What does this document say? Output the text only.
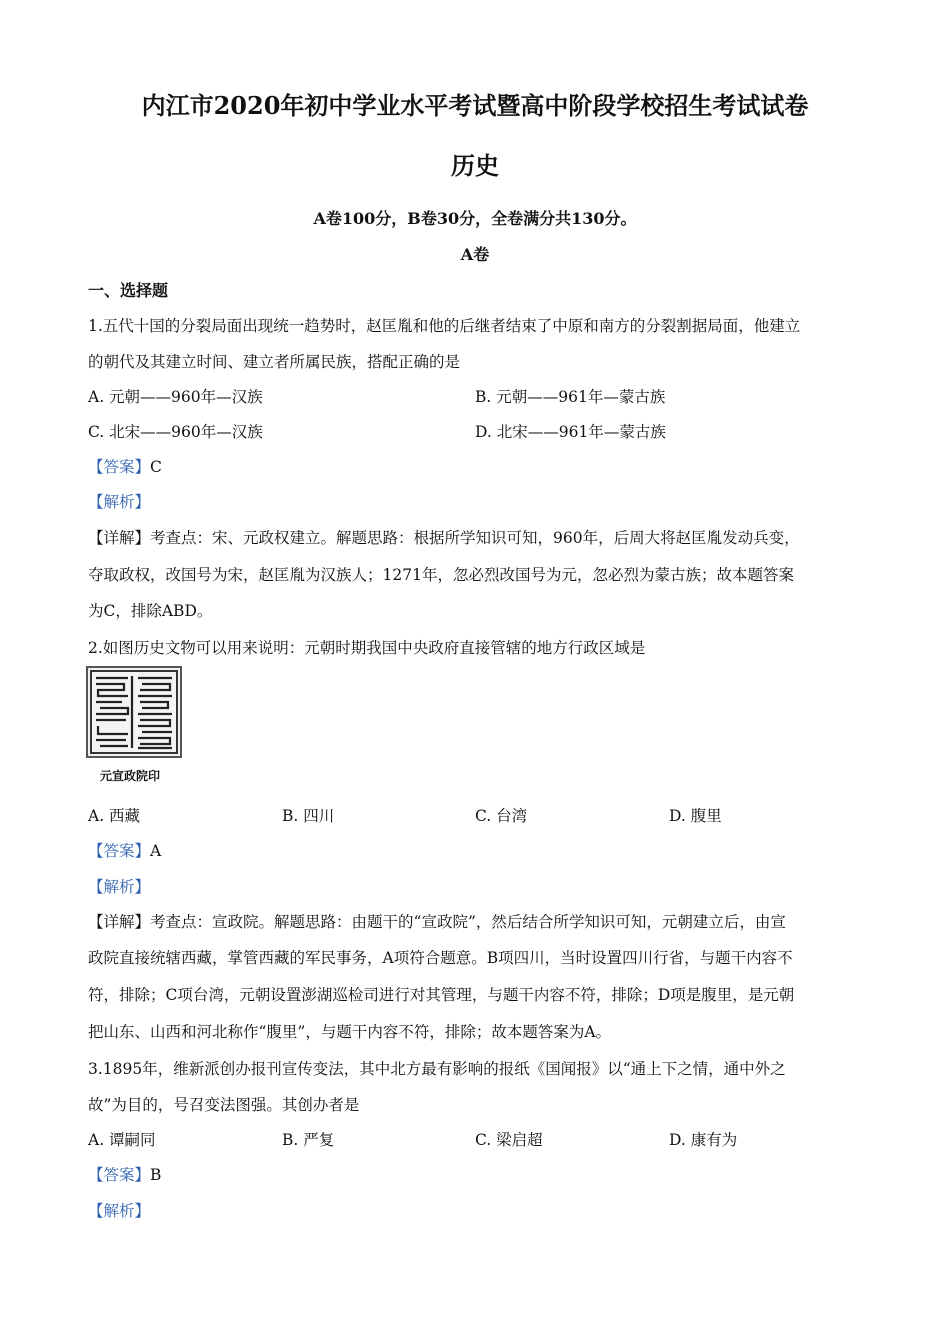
内江市2020年初中学业水平考试暨高中阶段学校招生考试试卷
历史
A卷100分，B卷30分，全卷满分共130分。
A卷
一、选择题
1.五代十国的分裂局面出现统一趋势时，赵匡胤和他的后继者结束了中原和南方的分裂割据局面，他建立
的朝代及其建立时间、建立者所属民族，搭配正确的是
A. 元朝——960年—汉族	B. 元朝——961年—蒙古族
C. 北宋——960年—汉族	D. 北宋——961年—蒙古族
【答案】C
【解析】
【详解】考查点：宋、元政权建立。解题思路：根据所学知识可知，960年，后周大将赵匡胤发动兵变，
夺取政权，改国号为宋，赵匡胤为汉族人；1271年，忽必烈改国号为元，忽必烈为蒙古族；故本题答案
为C，排除ABD。
2.如图历史文物可以用来说明：元朝时期我国中央政府直接管辖的地方行政区域是
元宣政院印
A. 西藏	B. 四川	C. 台湾	D. 腹里
【答案】A
【解析】
【详解】考查点：宣政院。解题思路：由题干的“宣政院”，然后结合所学知识可知，元朝建立后，由宣
政院直接统辖西藏，掌管西藏的军民事务，A项符合题意。B项四川，当时设置四川行省，与题干内容不
符，排除；C项台湾，元朝设置澎湖巡检司进行对其管理，与题干内容不符，排除；D项是腹里，是元朝
把山东、山西和河北称作“腹里”，与题干内容不符，排除；故本题答案为A。
3.1895年，维新派创办报刊宣传变法，其中北方最有影响的报纸《国闻报》以“通上下之情，通中外之
故”为目的，号召变法图强。其创办者是
A. 谭嗣同	B. 严复	C. 梁启超	D. 康有为
【答案】B
【解析】
